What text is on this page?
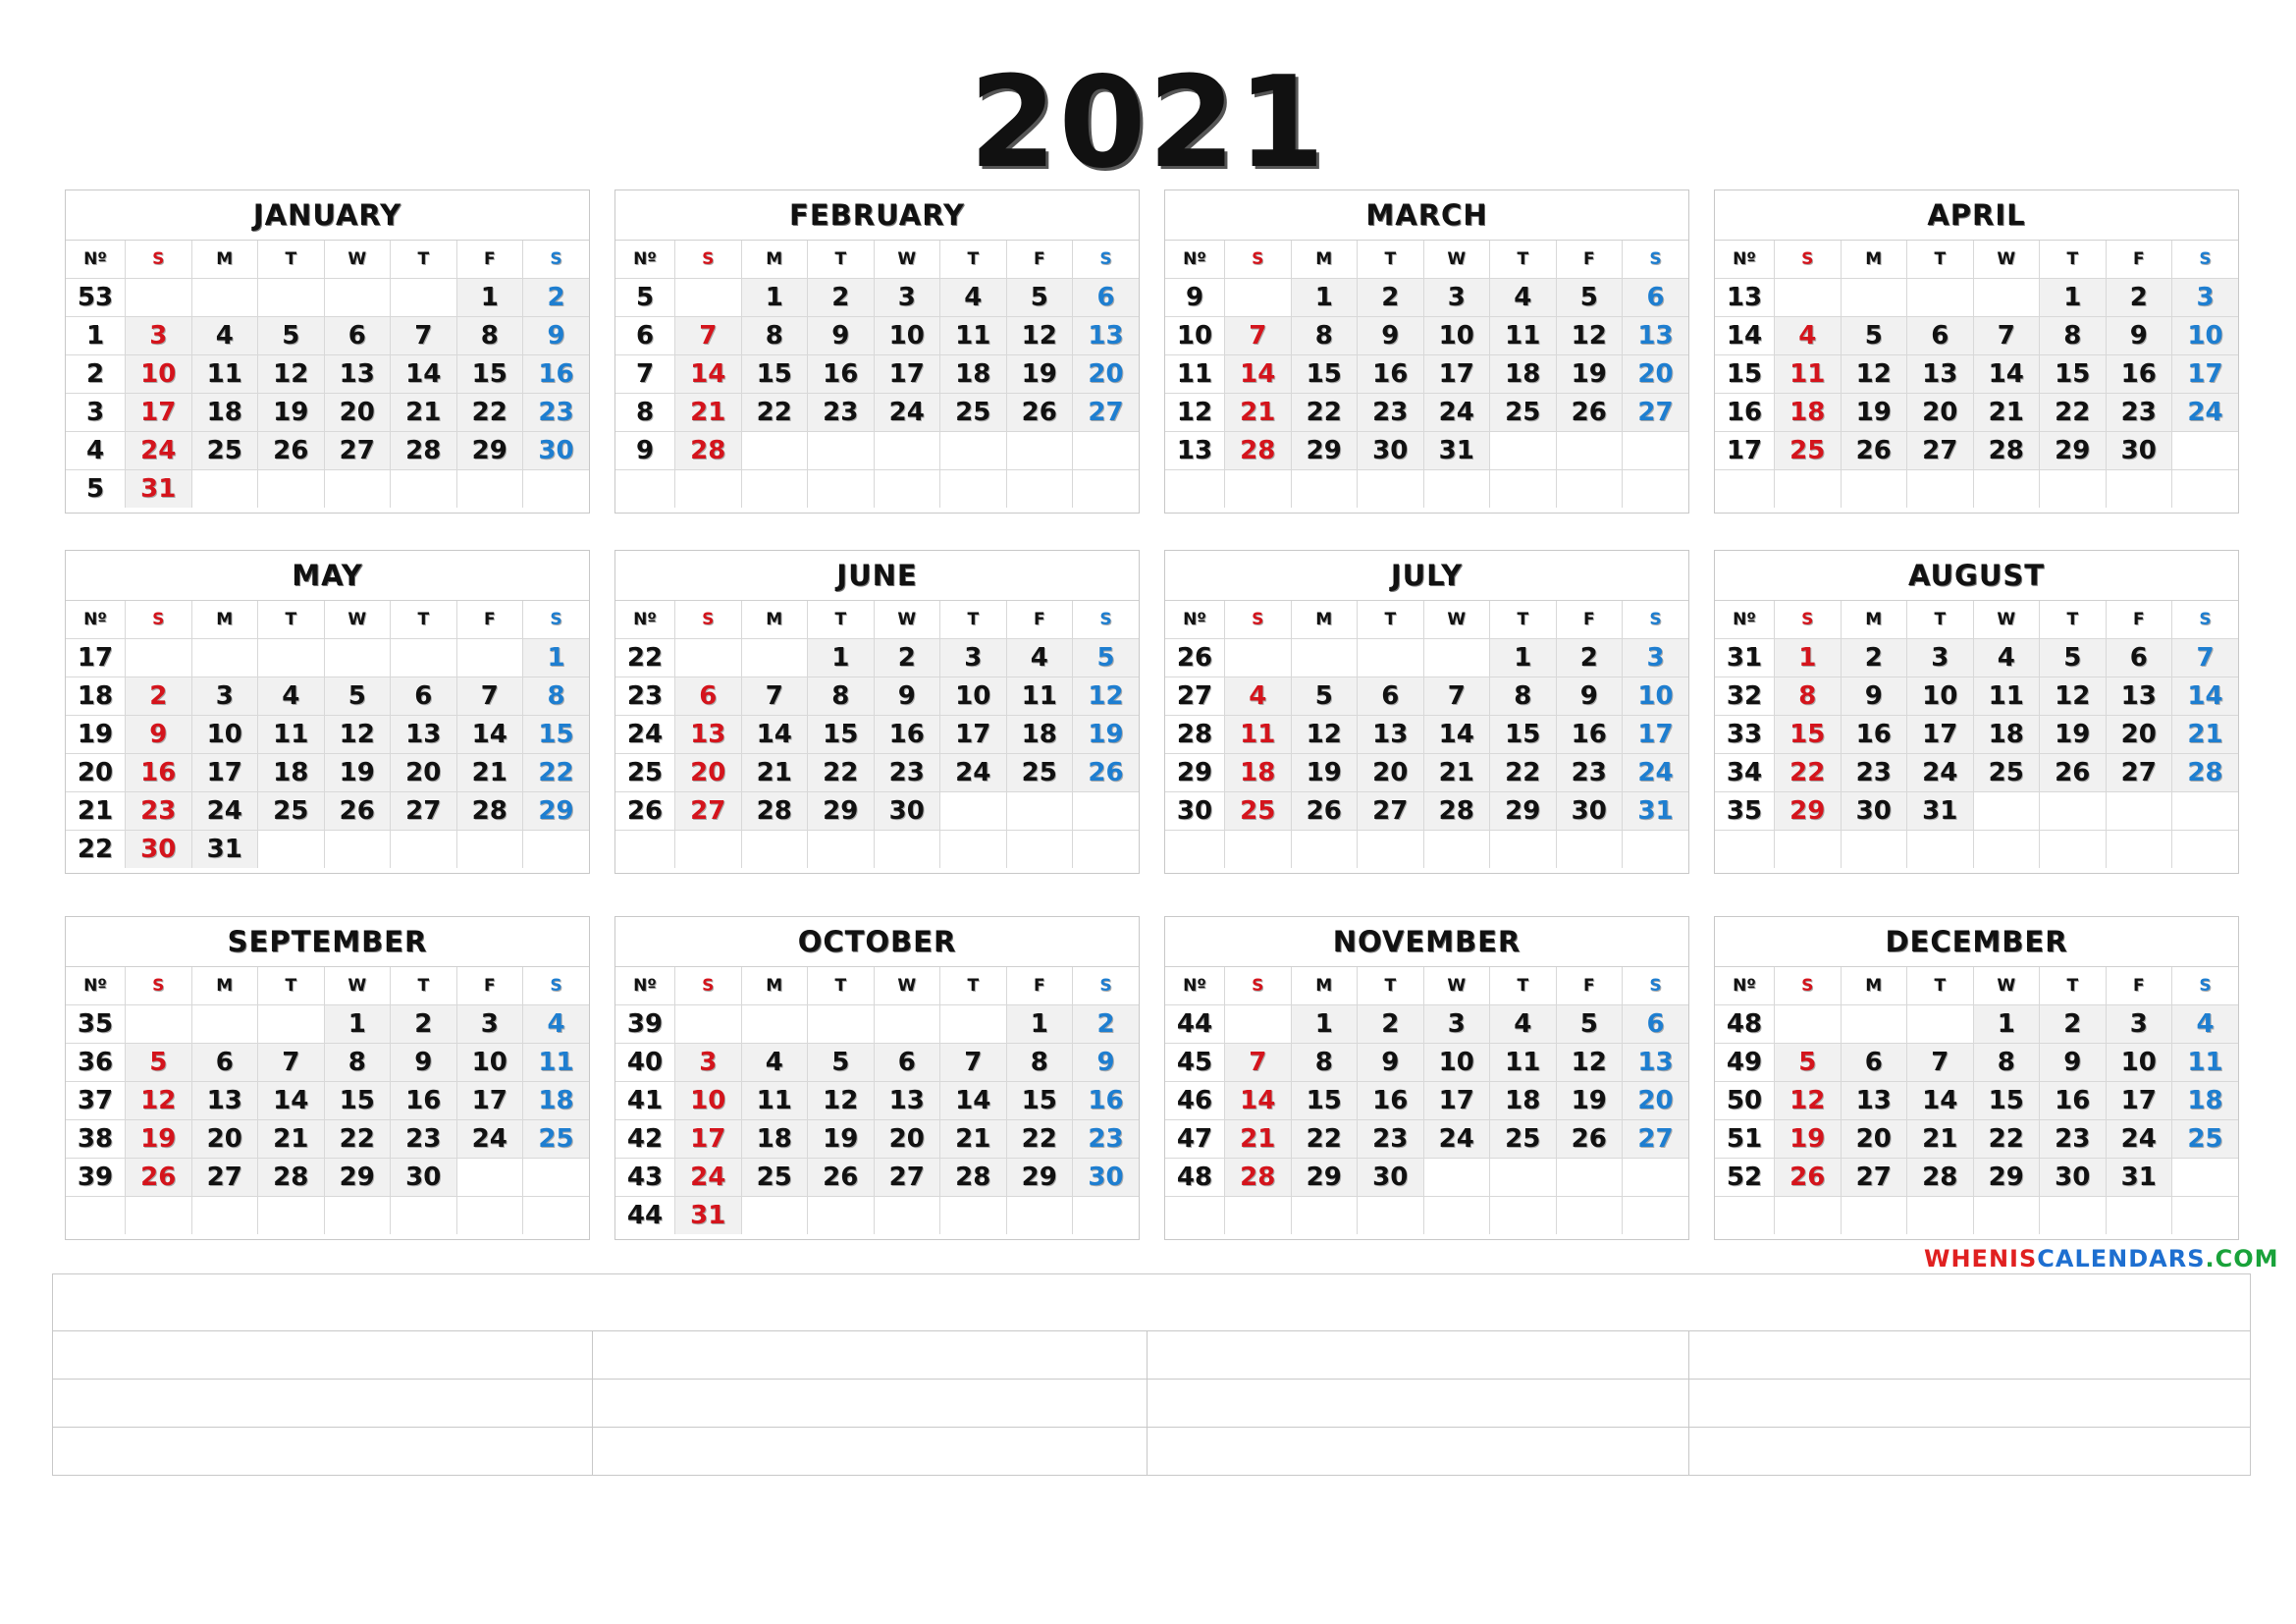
2021
JANUARY
Nº	S	M	T	W	T	F	S
53						1	2
1	3	4	5	6	7	8	9
2	10	11	12	13	14	15	16
3	17	18	19	20	21	22	23
4	24	25	26	27	28	29	30
5	31						
FEBRUARY
Nº	S	M	T	W	T	F	S
5		1	2	3	4	5	6
6	7	8	9	10	11	12	13
7	14	15	16	17	18	19	20
8	21	22	23	24	25	26	27
9	28						

MARCH
Nº	S	M	T	W	T	F	S
9		1	2	3	4	5	6
10	7	8	9	10	11	12	13
11	14	15	16	17	18	19	20
12	21	22	23	24	25	26	27
13	28	29	30	31			

APRIL
Nº	S	M	T	W	T	F	S
13					1	2	3
14	4	5	6	7	8	9	10
15	11	12	13	14	15	16	17
16	18	19	20	21	22	23	24
17	25	26	27	28	29	30	

MAY
Nº	S	M	T	W	T	F	S
17							1
18	2	3	4	5	6	7	8
19	9	10	11	12	13	14	15
20	16	17	18	19	20	21	22
21	23	24	25	26	27	28	29
22	30	31					
JUNE
Nº	S	M	T	W	T	F	S
22			1	2	3	4	5
23	6	7	8	9	10	11	12
24	13	14	15	16	17	18	19
25	20	21	22	23	24	25	26
26	27	28	29	30			

JULY
Nº	S	M	T	W	T	F	S
26					1	2	3
27	4	5	6	7	8	9	10
28	11	12	13	14	15	16	17
29	18	19	20	21	22	23	24
30	25	26	27	28	29	30	31

AUGUST
Nº	S	M	T	W	T	F	S
31	1	2	3	4	5	6	7
32	8	9	10	11	12	13	14
33	15	16	17	18	19	20	21
34	22	23	24	25	26	27	28
35	29	30	31				

SEPTEMBER
Nº	S	M	T	W	T	F	S
35				1	2	3	4
36	5	6	7	8	9	10	11
37	12	13	14	15	16	17	18
38	19	20	21	22	23	24	25
39	26	27	28	29	30		

OCTOBER
Nº	S	M	T	W	T	F	S
39						1	2
40	3	4	5	6	7	8	9
41	10	11	12	13	14	15	16
42	17	18	19	20	21	22	23
43	24	25	26	27	28	29	30
44	31						
NOVEMBER
Nº	S	M	T	W	T	F	S
44		1	2	3	4	5	6
45	7	8	9	10	11	12	13
46	14	15	16	17	18	19	20
47	21	22	23	24	25	26	27
48	28	29	30				

DECEMBER
Nº	S	M	T	W	T	F	S
48				1	2	3	4
49	5	6	7	8	9	10	11
50	12	13	14	15	16	17	18
51	19	20	21	22	23	24	25
52	26	27	28	29	30	31	

WHENISCALENDARS.COM
